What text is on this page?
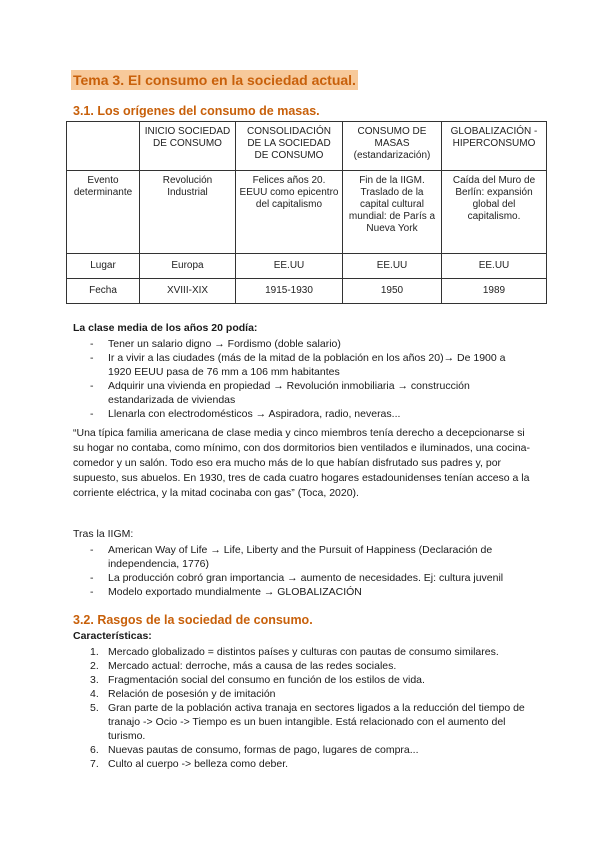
Tema 3. El consumo en la sociedad actual.
3.1. Los orígenes del consumo de masas.
	INICIO SOCIEDAD DE CONSUMO	CONSOLIDACIÓN DE LA SOCIEDAD DE CONSUMO	CONSUMO DE MASAS (estandarización)	GLOBALIZACIÓN - HIPERCONSUMO
Evento determinante	Revolución Industrial	Felices años 20. EEUU como epicentro del capitalismo	Fin de la IIGM. Traslado de la capital cultural mundial: de París a Nueva York	Caída del Muro de Berlín: expansión global del capitalismo.
Lugar	Europa	EE.UU	EE.UU	EE.UU
Fecha	XVIII-XIX	1915-1930	1950	1989
La clase media de los años 20 podía:
- Tener un salario digno → Fordismo (doble salario)
- Ir a vivir a las ciudades (más de la mitad de la población en los años 20)→ De 1900 a 1920 EEUU pasa de 76 mm a 106 mm habitantes
- Adquirir una vivienda en propiedad → Revolución inmobiliaria → construcción estandarizada de viviendas
- Llenarla con electrodomésticos → Aspiradora, radio, neveras...
“Una típica familia americana de clase media y cinco miembros tenía derecho a decepcionarse si su hogar no contaba, como mínimo, con dos dormitorios bien ventilados e iluminados, una cocina-comedor y un salón. Todo eso era mucho más de lo que habían disfrutado sus padres y, por supuesto, sus abuelos. En 1930, tres de cada cuatro hogares estadounidenses tenían acceso a la corriente eléctrica, y la mitad cocinaba con gas” (Toca, 2020).
Tras la IIGM:
- American Way of Life → Life, Liberty and the Pursuit of Happiness (Declaración de independencia, 1776)
- La producción cobró gran importancia → aumento de necesidades. Ej: cultura juvenil
- Modelo exportado mundialmente → GLOBALIZACIÓN
3.2. Rasgos de la sociedad de consumo.
Características:
1. Mercado globalizado = distintos países y culturas con pautas de consumo similares.
2. Mercado actual: derroche, más a causa de las redes sociales.
3. Fragmentación social del consumo en función de los estilos de vida.
4. Relación de posesión y de imitación
5. Gran parte de la población activa tranaja en sectores ligados a la reducción del tiempo de tranajo -> Ocio -> Tiempo es un buen intangible. Está relacionado con el aumento del turismo.
6. Nuevas pautas de consumo, formas de pago, lugares de compra...
7. Culto al cuerpo -> belleza como deber.
